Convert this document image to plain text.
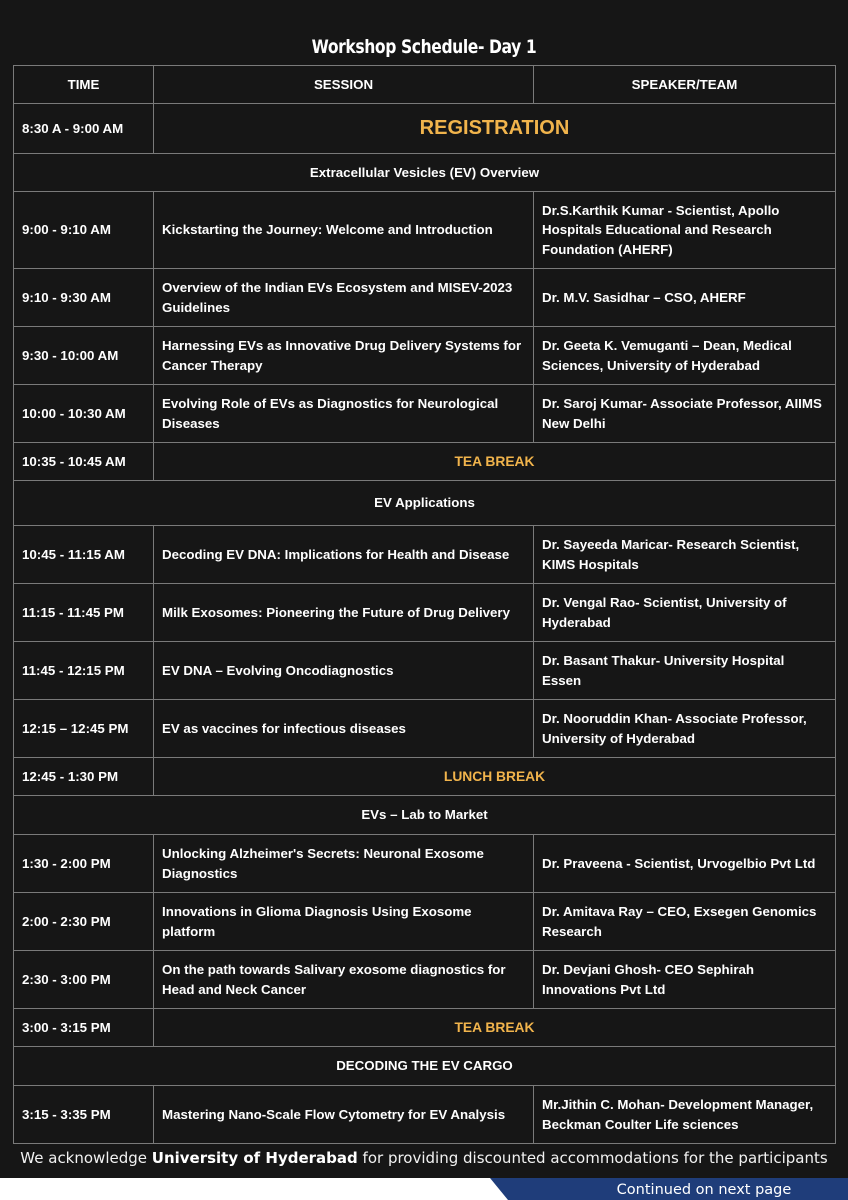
Workshop Schedule- Day 1
TIME	SESSION	SPEAKER/TEAM
8:30 A - 9:00 AM	REGISTRATION	
Extracellular Vesicles (EV) Overview		
9:00 - 9:10 AM	Kickstarting the Journey: Welcome and Introduction	Dr.S.Karthik Kumar - Scientist, Apollo Hospitals Educational and Research Foundation (AHERF)
9:10 - 9:30 AM	Overview of the Indian EVs Ecosystem and MISEV-2023 Guidelines	Dr. M.V. Sasidhar – CSO, AHERF
9:30 - 10:00 AM	Harnessing EVs as Innovative Drug Delivery Systems for Cancer Therapy	Dr. Geeta K. Vemuganti – Dean, Medical Sciences, University of Hyderabad
10:00 - 10:30 AM	Evolving Role of EVs as Diagnostics for Neurological Diseases	Dr. Saroj Kumar- Associate Professor, AIIMS New Delhi
10:35 - 10:45 AM	TEA BREAK	
EV Applications		
10:45 - 11:15 AM	Decoding EV DNA: Implications for Health and Disease	Dr. Sayeeda Maricar- Research Scientist, KIMS Hospitals
11:15 - 11:45 PM	Milk Exosomes: Pioneering the Future of Drug Delivery	Dr. Vengal Rao- Scientist, University of Hyderabad
11:45 - 12:15 PM	EV DNA – Evolving Oncodiagnostics	Dr. Basant Thakur- University Hospital Essen
12:15 – 12:45 PM	EV as vaccines for infectious diseases	Dr. Nooruddin Khan- Associate Professor, University of Hyderabad
12:45 - 1:30 PM	LUNCH BREAK	
EVs – Lab to Market		
1:30 - 2:00 PM	Unlocking Alzheimer's Secrets: Neuronal Exosome Diagnostics	Dr. Praveena - Scientist, Urvogelbio Pvt Ltd
2:00 - 2:30 PM	Innovations in Glioma Diagnosis Using Exosome platform	Dr. Amitava Ray – CEO, Exsegen Genomics Research
2:30 - 3:00 PM	On the path towards Salivary exosome diagnostics for Head and Neck Cancer	Dr. Devjani Ghosh- CEO Sephirah Innovations Pvt Ltd
3:00 - 3:15 PM	TEA BREAK	
DECODING THE EV CARGO		
3:15 - 3:35 PM	Mastering Nano-Scale Flow Cytometry for EV Analysis	Mr.Jithin C. Mohan- Development Manager, Beckman Coulter Life sciences
We acknowledge University of Hyderabad for providing discounted accommodations for the participants
Continued on next page
